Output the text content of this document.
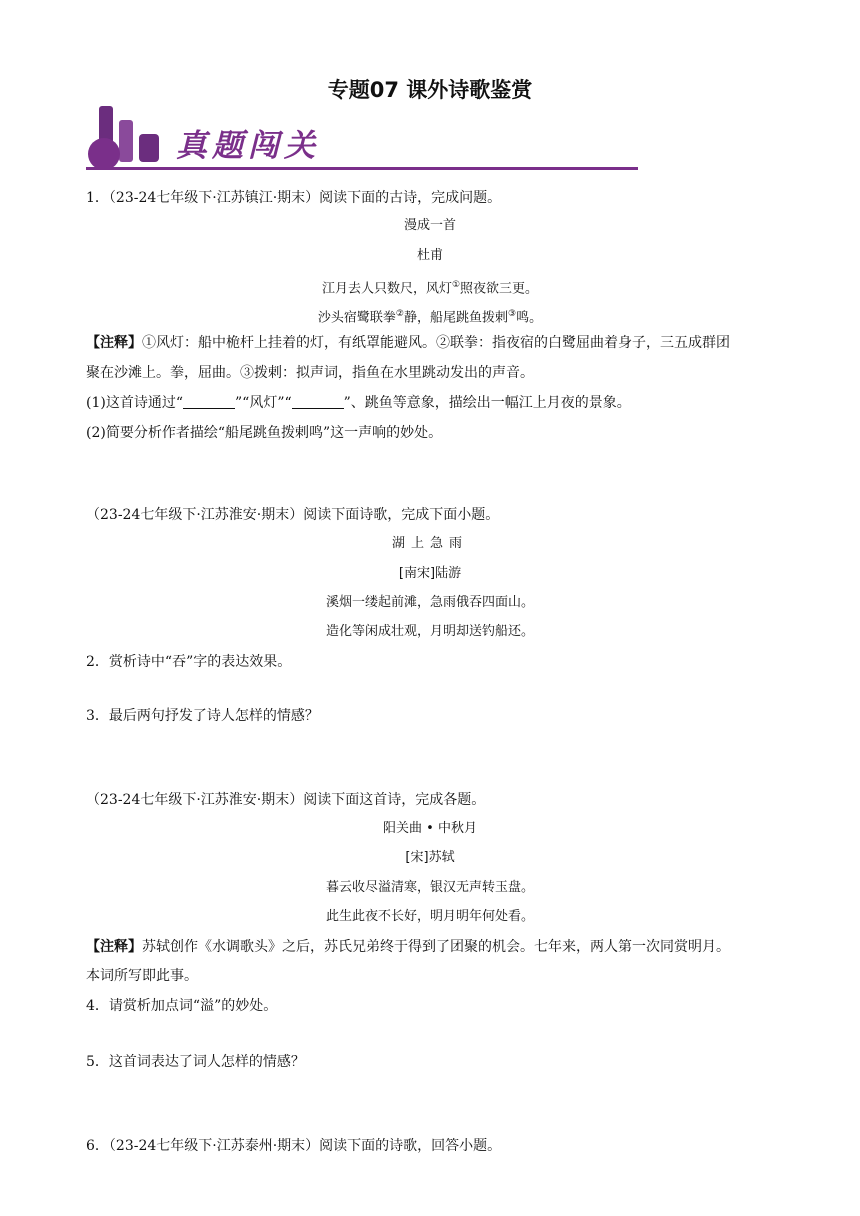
专题07 课外诗歌鉴赏
真题闯关
1．（23-24七年级下·江苏镇江·期末）阅读下面的古诗，完成问题。
漫成一首
杜甫
江月去人只数尺，风灯①照夜欲三更。
沙头宿鹭联拳②静，船尾跳鱼拨剌③鸣。
【注释】①风灯：船中桅杆上挂着的灯，有纸罩能避风。②联拳：指夜宿的白鹭屈曲着身子，三五成群团
聚在沙滩上。拳，屈曲。③拨剌：拟声词，指鱼在水里跳动发出的声音。
(1)这首诗通过“	”“风灯”“	”、跳鱼等意象，描绘出一幅江上月夜的景象。
(2)简要分析作者描绘“船尾跳鱼拨剌鸣”这一声响的妙处。
（23-24七年级下·江苏淮安·期末）阅读下面诗歌，完成下面小题。
湖上急雨
[南宋]陆游
溪烟一缕起前滩，急雨俄吞四面山。
造化等闲成壮观，月明却送钓船还。
2．赏析诗中“吞”字的表达效果。
3．最后两句抒发了诗人怎样的情感？
（23-24七年级下·江苏淮安·期末）阅读下面这首诗，完成各题。
阳关曲 • 中秋月
[宋]苏轼
暮云收尽溢清寒，银汉无声转玉盘。
此生此夜不长好，明月明年何处看。
【注释】苏轼创作《水调歌头》之后，苏氏兄弟终于得到了团聚的机会。七年来，两人第一次同赏明月。
本词所写即此事。
4．请赏析加点词“溢”的妙处。
5．这首词表达了词人怎样的情感？
6．（23-24七年级下·江苏泰州·期末）阅读下面的诗歌，回答小题。
